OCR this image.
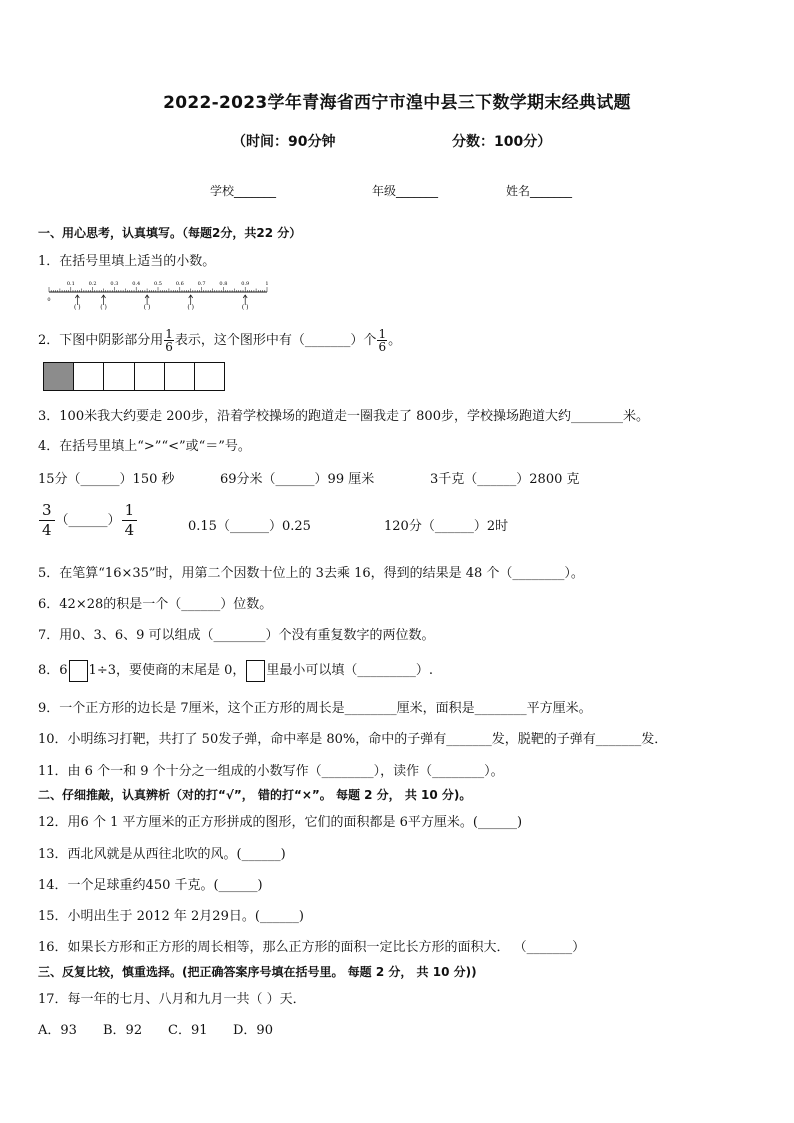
2022-2023学年青海省西宁市湟中县三下数学期末经典试题
（时间：90分钟	分数：100分）
学校_______	年级_______	姓名_______
一、用心思考，认真填写。（每题2分，共22 分）
1．在括号里填上适当的小数。
0
0.1	0.2	0.3	0.4	0.5	0.6	0.7	0.8	0.9	1
( )	( )	( )	( )	( )
2．下图中阴影部分用 $\frac{1}{6}$ 表示，这个图形中有（_______）个 $\frac{1}{6}$ 。
3．100米我大约要走 200步，沿着学校操场的跑道走一圈我走了 800步，学校操场跑道大约________米。
4．在括号里填上“>”“<”或“＝”号。
15分（______）150 秒	69分米（______）99 厘米	3千克（______）2800 克
$\frac{3}{4}$ （______） $\frac{1}{4}$	0.15（______）0.25	120分（______）2时
5．在笔算“16×35”时，用第二个因数十位上的 3去乘 16，得到的结果是 48 个（________）。
6．42×28的积是一个（______）位数。
7．用0、3、6、9 可以组成（________）个没有重复数字的两位数。
8．6 1÷3，要使商的末尾是 0， 里最小可以填（_________）.
9．一个正方形的边长是 7厘米，这个正方形的周长是________厘米，面积是________平方厘米。
10．小明练习打靶，共打了 50发子弹，命中率是 80%，命中的子弹有_______发，脱靶的子弹有_______发．
11．由 6 个一和 9 个十分之一组成的小数写作（________），读作（________）。
二、仔细推敲，认真辨析（对的打“√”， 错的打“×”。 每题 2 分， 共 10 分)。
12．用6 个 1 平方厘米的正方形拼成的图形，它们的面积都是 6平方厘米。(______)
13．西北风就是从西往北吹的风。(______)
14．一个足球重约450 千克。(______)
15．小明出生于 2012 年 2月29日。(______)
16．如果长方形和正方形的周长相等，那么正方形的面积一定比长方形的面积大． （_______）
三、反复比较，慎重选择。(把正确答案序号填在括号里。 每题 2 分， 共 10 分))
17．每一年的七月、八月和九月一共（ ）天．
A．93 B．92 C．91 D．90
